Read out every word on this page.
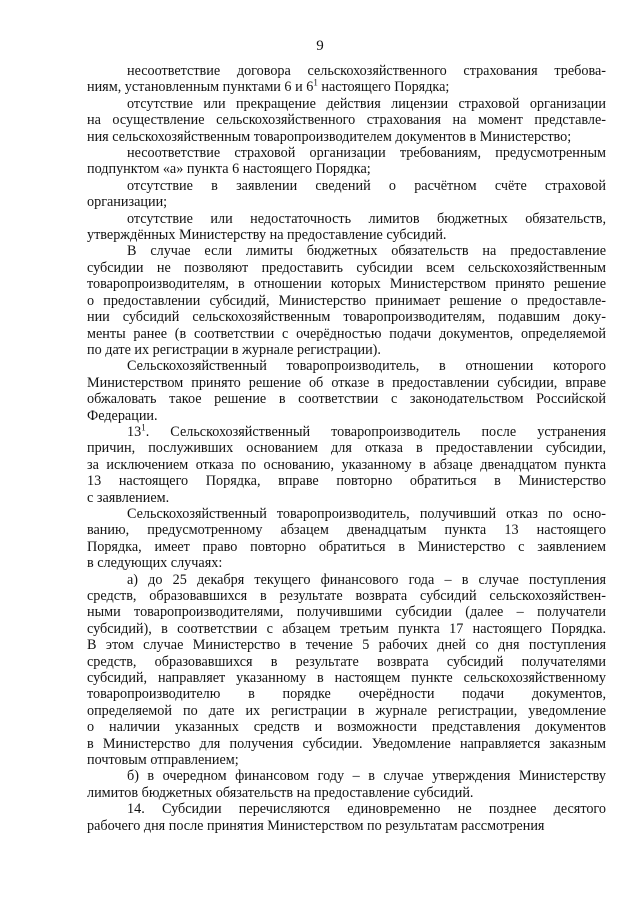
9
несоответствие договора сельскохозяйственного страхования требова-
ниям, установленным пунктами 6 и $6^1$ настоящего Порядка;
отсутствие или прекращение действия лицензии страховой организации
на осуществление сельскохозяйственного страхования на момент представле-
ния сельскохозяйственным товаропроизводителем документов в Министерство;
несоответствие страховой организации требованиям, предусмотренным
подпунктом «а» пункта 6 настоящего Порядка;
отсутствие в заявлении сведений о расчётном счёте страховой
организации;
отсутствие или недостаточность лимитов бюджетных обязательств,
утверждённых Министерству на предоставление субсидий.
В случае если лимиты бюджетных обязательств на предоставление
субсидии не позволяют предоставить субсидии всем сельскохозяйственным
товаропроизводителям, в отношении которых Министерством принято решение
о предоставлении субсидий, Министерство принимает решение о предоставле-
нии субсидий сельскохозяйственным товаропроизводителям, подавшим доку-
менты ранее (в соответствии с очерёдностью подачи документов, определяемой
по дате их регистрации в журнале регистрации).
Сельскохозяйственный товаропроизводитель, в отношении которого
Министерством принято решение об отказе в предоставлении субсидии, вправе
обжаловать такое решение в соответствии с законодательством Российской
Федерации.
$13^1$. Сельскохозяйственный товаропроизводитель после устранения
причин, послуживших основанием для отказа в предоставлении субсидии,
за исключением отказа по основанию, указанному в абзаце двенадцатом пункта
13 настоящего Порядка, вправе повторно обратиться в Министерство
с заявлением.
Сельскохозяйственный товаропроизводитель, получивший отказ по осно-
ванию, предусмотренному абзацем двенадцатым пункта 13 настоящего
Порядка, имеет право повторно обратиться в Министерство с заявлением
в следующих случаях:
а) до 25 декабря текущего финансового года – в случае поступления
средств, образовавшихся в результате возврата субсидий сельскохозяйствен-
ными товаропроизводителями, получившими субсидии (далее – получатели
субсидий), в соответствии с абзацем третьим пункта 17 настоящего Порядка.
В этом случае Министерство в течение 5 рабочих дней со дня поступления
средств, образовавшихся в результате возврата субсидий получателями
субсидий, направляет указанному в настоящем пункте сельскохозяйственному
товаропроизводителю в порядке очерёдности подачи документов,
определяемой по дате их регистрации в журнале регистрации, уведомление
о наличии указанных средств и возможности представления документов
в Министерство для получения субсидии. Уведомление направляется заказным
почтовым отправлением;
б) в очередном финансовом году – в случае утверждения Министерству
лимитов бюджетных обязательств на предоставление субсидий.
14. Субсидии перечисляются единовременно не позднее десятого
рабочего дня после принятия Министерством по результатам рассмотрения
